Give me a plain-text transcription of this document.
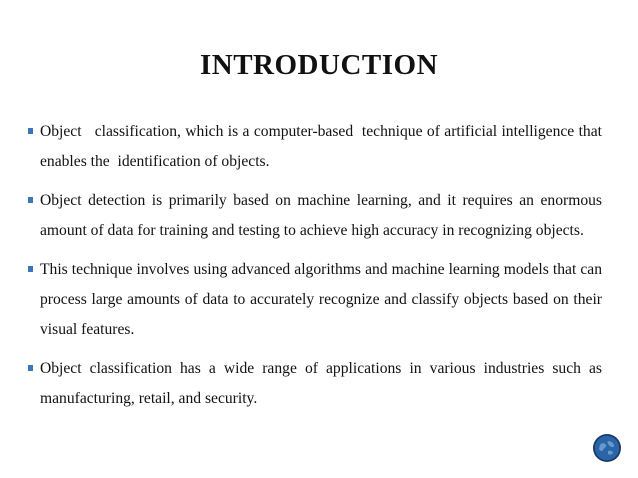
INTRODUCTION
Object   classification, which is a computer-based  technique of artificial intelligence that enables the  identification of objects.
Object detection is primarily based on machine learning, and it requires an enormous amount of data for training and testing to achieve high accuracy in recognizing objects.
This technique involves using advanced algorithms and machine learning models that can process large amounts of data to accurately recognize and classify objects based on their visual features.
Object classification has a wide range of applications in various industries such as manufacturing, retail, and security.
